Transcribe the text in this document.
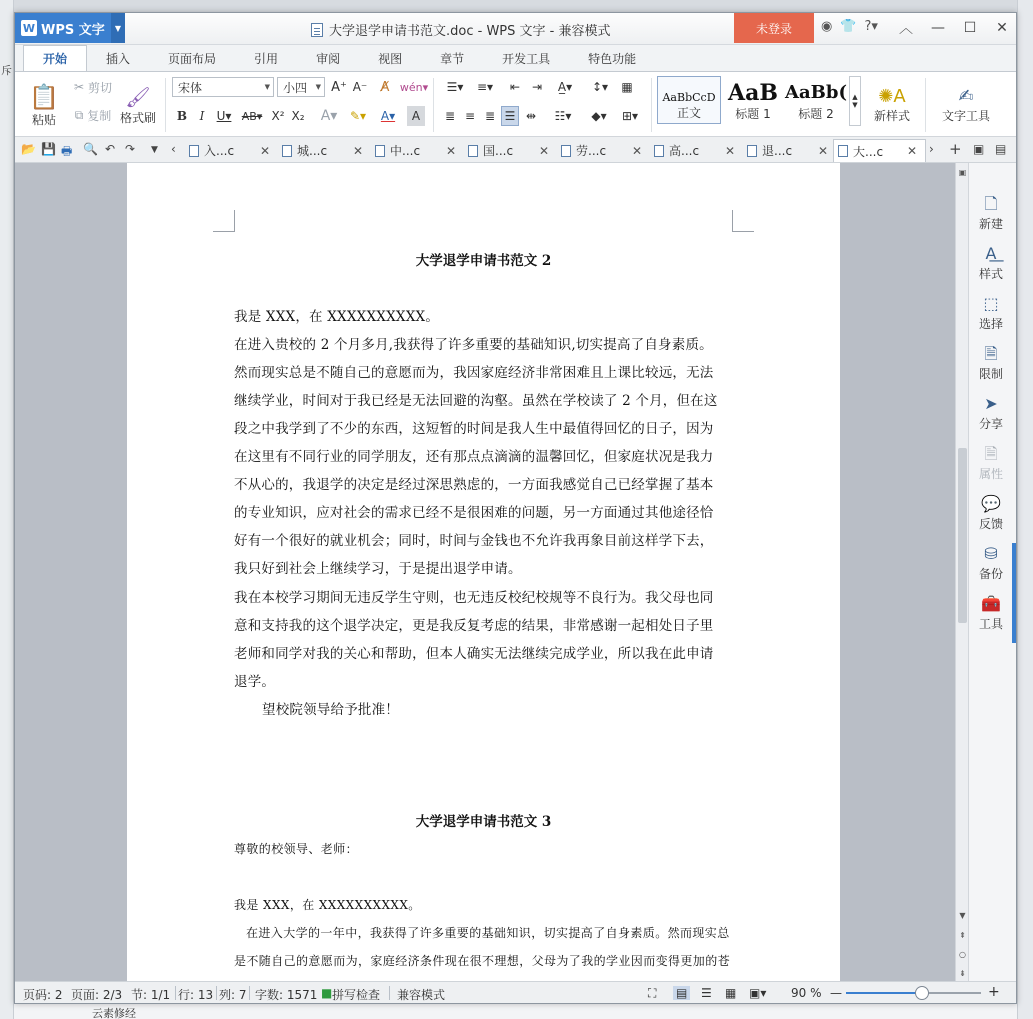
斥
云素修经
W WPS 文字	▼	大学退学申请书范文.doc - WPS 文字 - 兼容模式	未登录	◉ 👕 ?▾	︿	—	☐	✕
开始	插入	页面布局	引用	审阅	视图	章节	开发工具	特色功能
📋
粘贴
✂
剪切
⧉
复制
🖌
格式刷
宋体	▼ 小四 ▼ A⁺ A⁻	A̸ wén▾
B	I	U▾ AB▾ X² X₂ A▾	✎▾	A▾	A
☰▾	≡▾	⇤ ⇥	A̲▾	↕▾	▦
≣ ≡ ≣ ☰ ⇹	☷▾	◆▾	⊞▾
AaBbCcD
正文
AaB
标题 1
AaBb(
标题 2
▲
▼ ✺A
新样式
✍
文字工具
📂 💾 🖶 🔍 ↶ ↷ ▼ ‹ 入...c ✕ 城...c ✕ 中...c ✕ 国...c ✕ 劳...c ✕ 高...c ✕ 退...c ✕ 大...c ✕ › + ▣ ▤
大学退学申请书范文 2
我是 XXX，在 XXXXXXXXXX。
在进入贵校的 2 个月多月,我获得了许多重要的基础知识,切实提高了自身素质。
然而现实总是不随自己的意愿而为，我因家庭经济非常困难且上课比较远，无法
继续学业，时间对于我已经是无法回避的沟壑。虽然在学校读了 2 个月，但在这
段之中我学到了不少的东西，这短暂的时间是我人生中最值得回忆的日子，因为
在这里有不同行业的同学朋友，还有那点点滴滴的温馨回忆，但家庭状况是我力
不从心的，我退学的决定是经过深思熟虑的，一方面我感觉自己已经掌握了基本
的专业知识，应对社会的需求已经不是很困难的问题，另一方面通过其他途径恰
好有一个很好的就业机会；同时，时间与金钱也不允许我再象目前这样学下去，
我只好到社会上继续学习，于是提出退学申请。
我在本校学习期间无违反学生守则，也无违反校纪校规等不良行为。我父母也同
意和支持我的这个退学决定，更是我反复考虑的结果，非常感谢一起相处日子里
老师和同学对我的关心和帮助，但本人确实无法继续完成学业，所以我在此申请
退学。
望校院领导给予批准！
大学退学申请书范文 3
尊敬的校领导、老师：
我是 XXX，在 XXXXXXXXXX。
在进入大学的一年中，我获得了许多重要的基础知识，切实提高了自身素质。然而现实总
是不随自己的意愿而为，家庭经济条件现在很不理想，父母为了我的学业因而变得更加的苍
▣
▼
⇞
○
⇟
🗋
新建
A͟
样式
⬚
选择
🗎
限制
➤
分享
🗎
属性
💬
反馈
⛁
备份
🧰
工具
页码: 2 页面: 2/3 节: 1/1 行: 13 列: 7 字数: 1571 ■ 拼写检查 兼容模式	⛶ ▤ ☰ ▦ ▣▾ 90 % —	+
